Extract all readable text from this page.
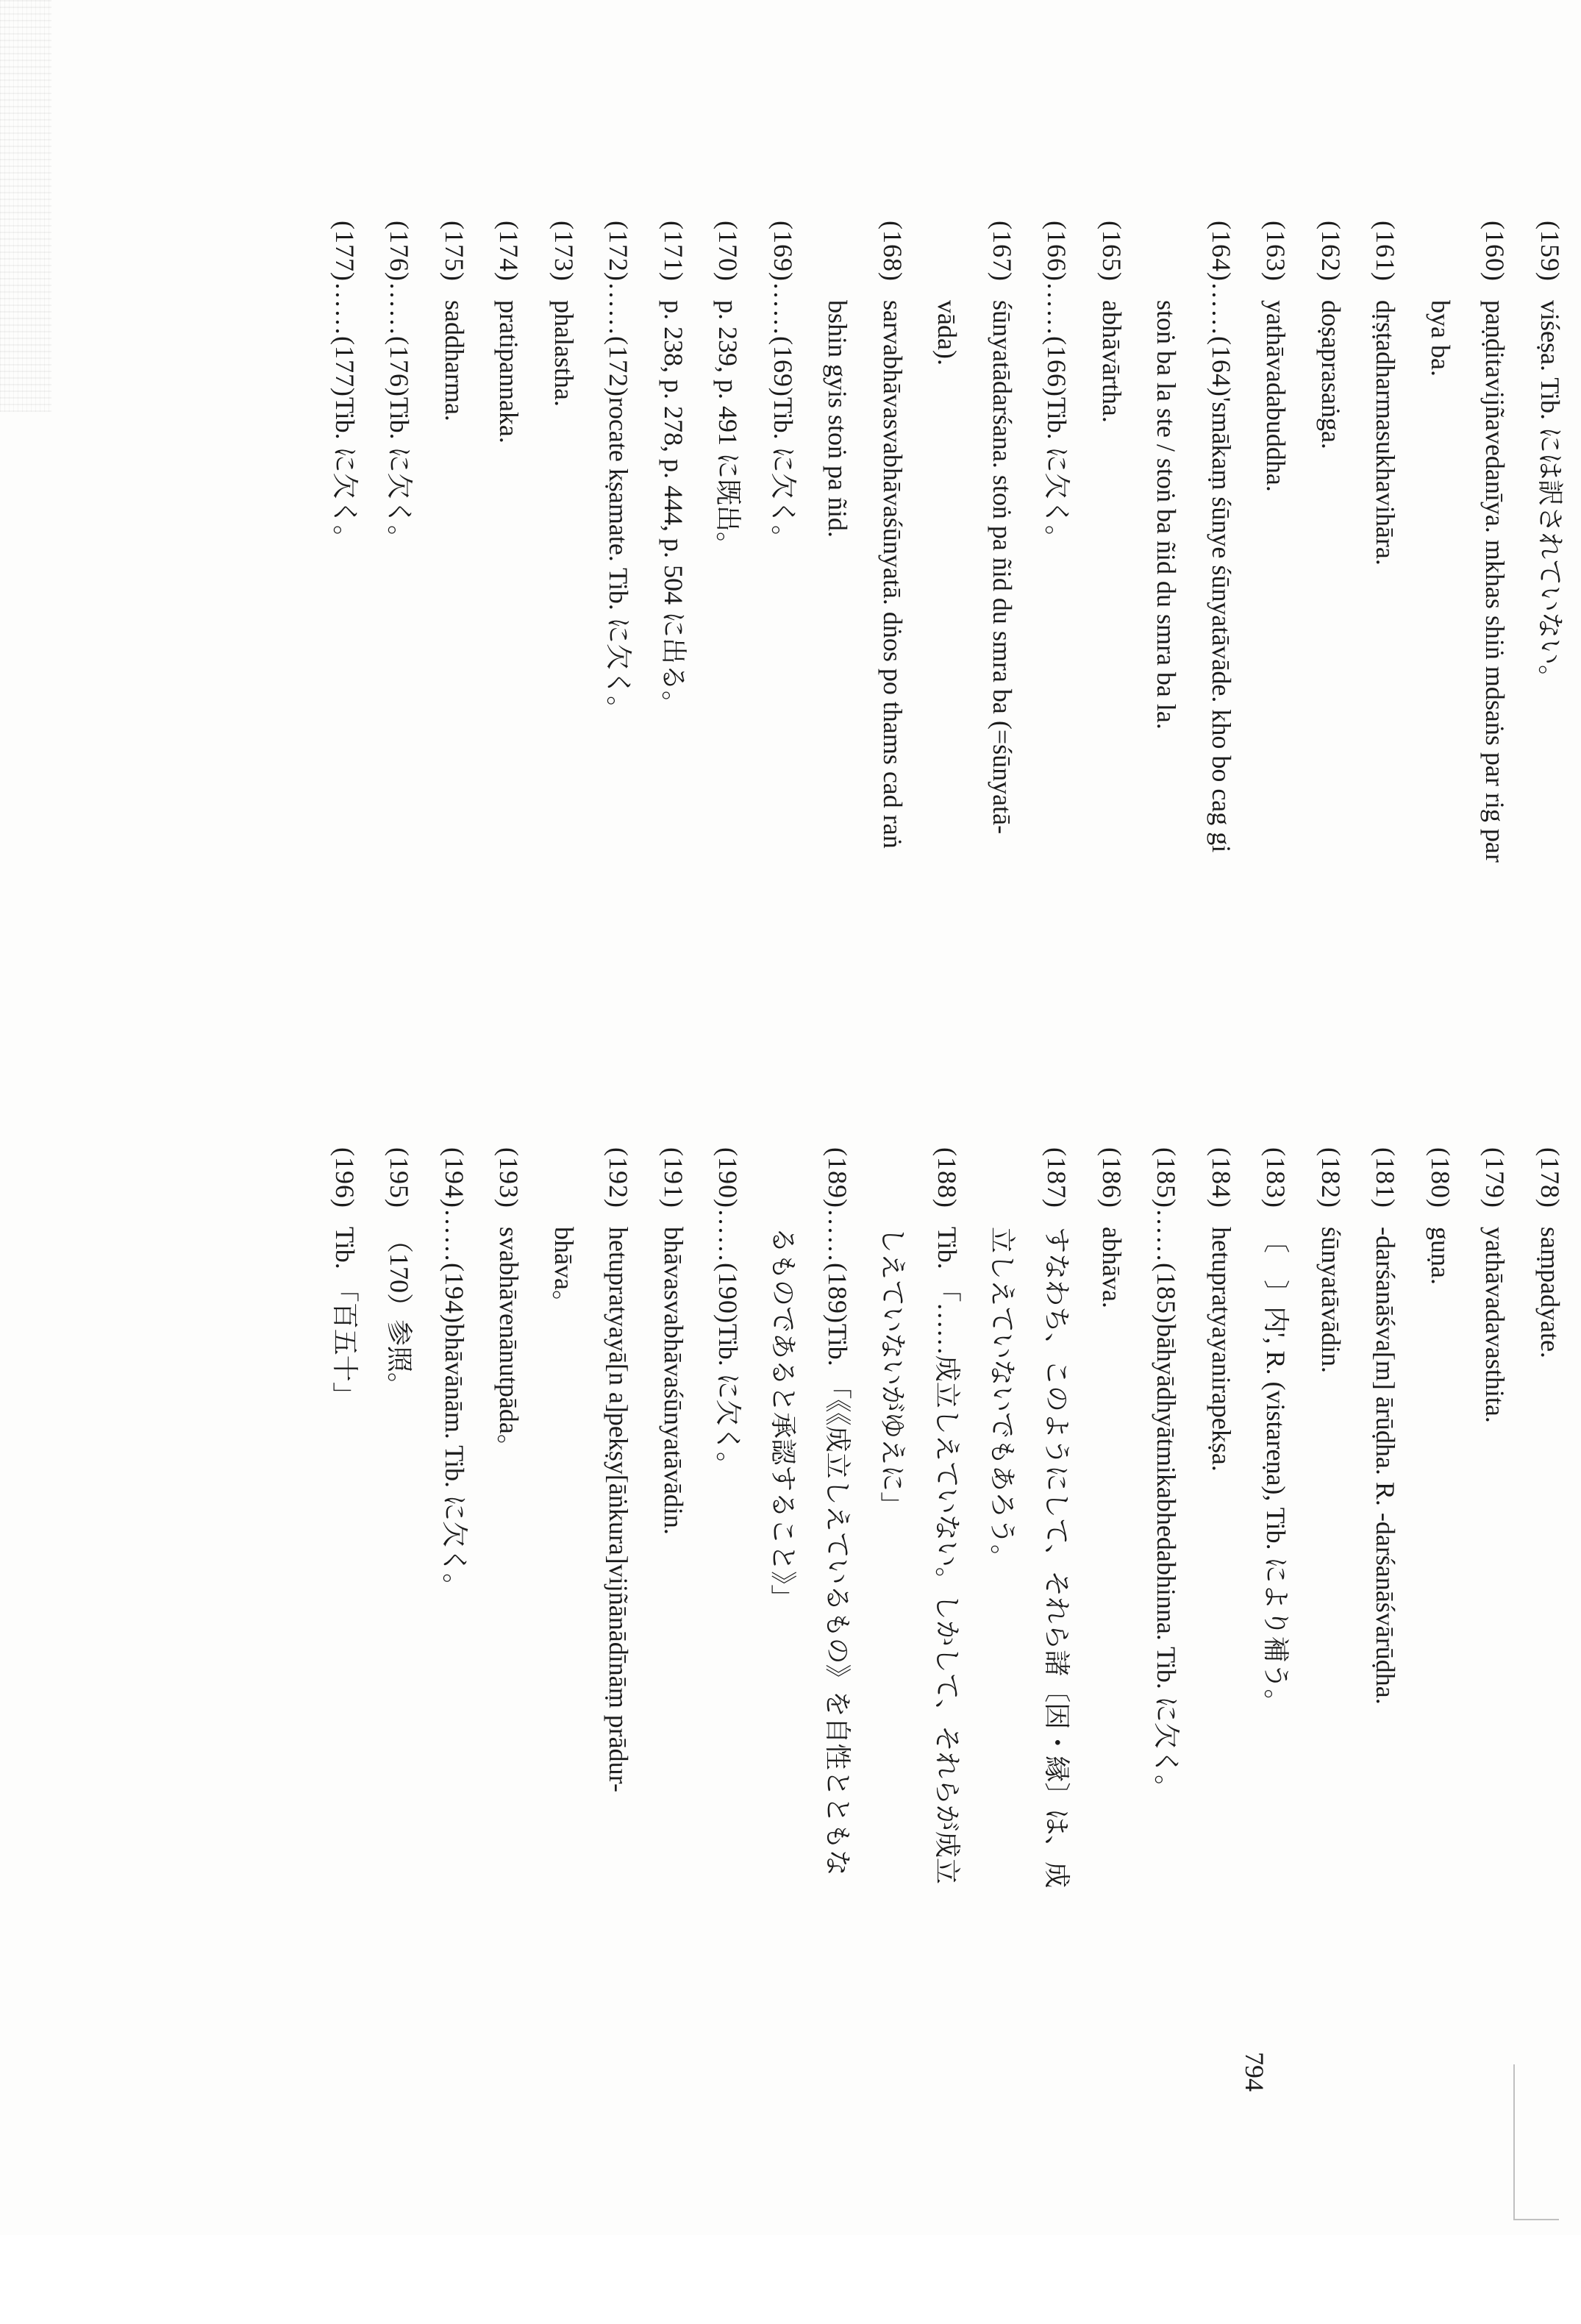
(159)viśeṣa. Tib. には訳されていない。

(160)paṇḍitavijñavedanīya. mkhas shiṅ mdsaṅs par rig par

bya ba.

(161)dṛṣṭadharmasukhavihāra.

(162)doṣaprasaṅga.

(163)yathāvadabuddha.

(164)……(164)'smākaṃ śūnye śūnyatāvāde. kho bo cag gi

stoṅ ba la ste / stoṅ ba ñid du smra ba la.

(165)abhāvārtha.

(166)……(166)Tib. に欠く。

(167)śūnyatādarśana. stoṅ pa ñid du smra ba (=śūnyatā-

vāda).

(168)sarvabhāvasvabhāvaśūnyatā. dṅos po thams cad raṅ

bshin gyis stoṅ pa ñid.

(169)……(169)Tib. に欠く。

(170)p. 239, p. 491 に既出。

(171)p. 238, p. 278, p. 444, p. 504 に出る。

(172)……(172)rocate kṣamate. Tib. に欠く。

(173)phalastha.

(174)pratipannaka.

(175)saddharma.

(176)……(176)Tib. に欠く。

(177)……(177)Tib. に欠く。

(178)saṃpadyate.

(179)yathāvadavasthita.

(180)guṇa.

(181)-darśanāśva[m] ārūḍha. R. -darśanāśvārūḍha.

(182)śūnyatāvādin.

(183)〔　〕内', R. (vistareṇa), Tib. により補う。

(184)hetupratyayanirapekṣa.

(185)……(185)bāhyādhyātmikabhedabhinna. Tib. に欠く。

(186)abhāva.

(187)すなわち、このようにして、それら諸〔因・縁〕は、成

立しえていないでもあろう。

(188)Tib. 「……成立しえていない。しかして、それらが成立

しえていないがゆえに」

(189)……(189)Tib. 「《《成立しえているもの》を自性とともな

るものであると承認すること》」

(190)……(190)Tib. に欠く。

(191)bhāvasvabhāvaśūnyatāvādin.

(192)hetupratyayā[n a]pekṣy[āṅkura]vijñānādīnāṃ prādur-

bhāva。

(193)svabhāvenānutpāda。

(194)……(194)bhāvānām. Tib. に欠く。

(195)（170）参照。

(196)Tib. 「百五十」

794
